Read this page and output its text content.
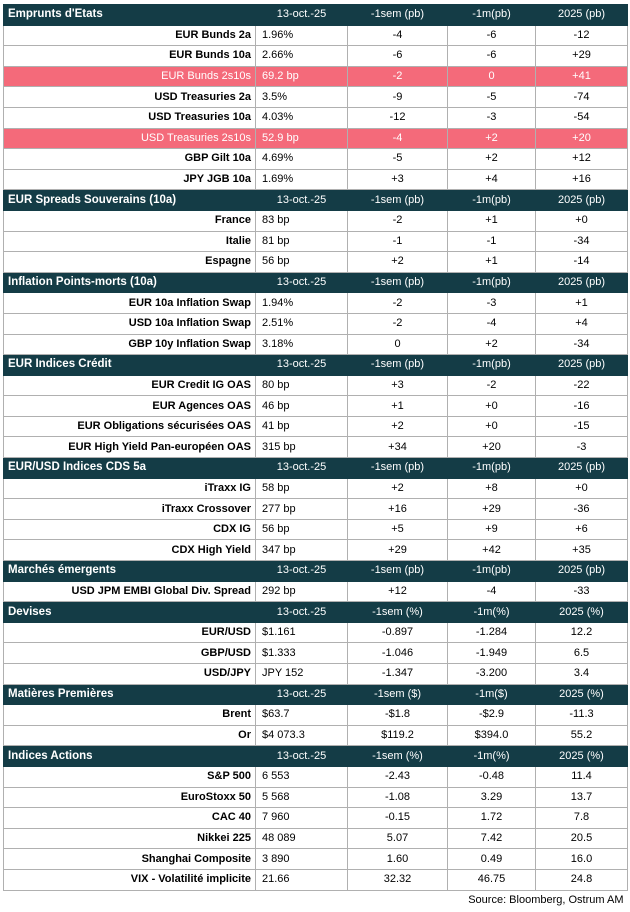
Emprunts d'Etats	13-oct.-25	-1sem (pb)	-1m(pb)	2025 (pb)
EUR Bunds 2a	1.96%	-4	-6	-12
EUR Bunds 10a	2.66%	-6	-6	+29
EUR Bunds 2s10s	69.2 bp	-2	0	+41
USD Treasuries 2a	3.5%	-9	-5	-74
USD Treasuries 10a	4.03%	-12	-3	-54
USD Treasuries 2s10s	52.9 bp	-4	+2	+20
GBP Gilt 10a	4.69%	-5	+2	+12
JPY JGB 10a	1.69%	+3	+4	+16
EUR Spreads Souverains (10a)	13-oct.-25	-1sem (pb)	-1m(pb)	2025 (pb)
France	83 bp	-2	+1	+0
Italie	81 bp	-1	-1	-34
Espagne	56 bp	+2	+1	-14
Inflation Points-morts (10a)	13-oct.-25	-1sem (pb)	-1m(pb)	2025 (pb)
EUR 10a Inflation Swap	1.94%	-2	-3	+1
USD 10a Inflation Swap	2.51%	-2	-4	+4
GBP 10y Inflation Swap	3.18%	0	+2	-34
EUR Indices Crédit	13-oct.-25	-1sem (pb)	-1m(pb)	2025 (pb)
EUR Credit IG OAS	80 bp	+3	-2	-22
EUR Agences OAS	46 bp	+1	+0	-16
EUR Obligations sécurisées OAS	41 bp	+2	+0	-15
EUR High Yield Pan-européen OAS	315 bp	+34	+20	-3
EUR/USD Indices CDS 5a	13-oct.-25	-1sem (pb)	-1m(pb)	2025 (pb)
iTraxx IG	58 bp	+2	+8	+0
iTraxx Crossover	277 bp	+16	+29	-36
CDX IG	56 bp	+5	+9	+6
CDX High Yield	347 bp	+29	+42	+35
Marchés émergents	13-oct.-25	-1sem (pb)	-1m(pb)	2025 (pb)
USD JPM EMBI Global Div. Spread	292 bp	+12	-4	-33
Devises	13-oct.-25	-1sem (%)	-1m(%)	2025 (%)
EUR/USD	$1.161	-0.897	-1.284	12.2
GBP/USD	$1.333	-1.046	-1.949	6.5
USD/JPY	JPY 152	-1.347	-3.200	3.4
Matières Premières	13-oct.-25	-1sem ($)	-1m($)	2025 (%)
Brent	$63.7	-$1.8	-$2.9	-11.3
Or	$4 073.3	$119.2	$394.0	55.2
Indices Actions	13-oct.-25	-1sem (%)	-1m(%)	2025 (%)
S&P 500	6 553	-2.43	-0.48	11.4
EuroStoxx 50	5 568	-1.08	3.29	13.7
CAC 40	7 960	-0.15	1.72	7.8
Nikkei 225	48 089	5.07	7.42	20.5
Shanghai Composite	3 890	1.60	0.49	16.0
VIX - Volatilité implicite	21.66	32.32	46.75	24.8
		Source: Bloomberg, Ostrum AM		
